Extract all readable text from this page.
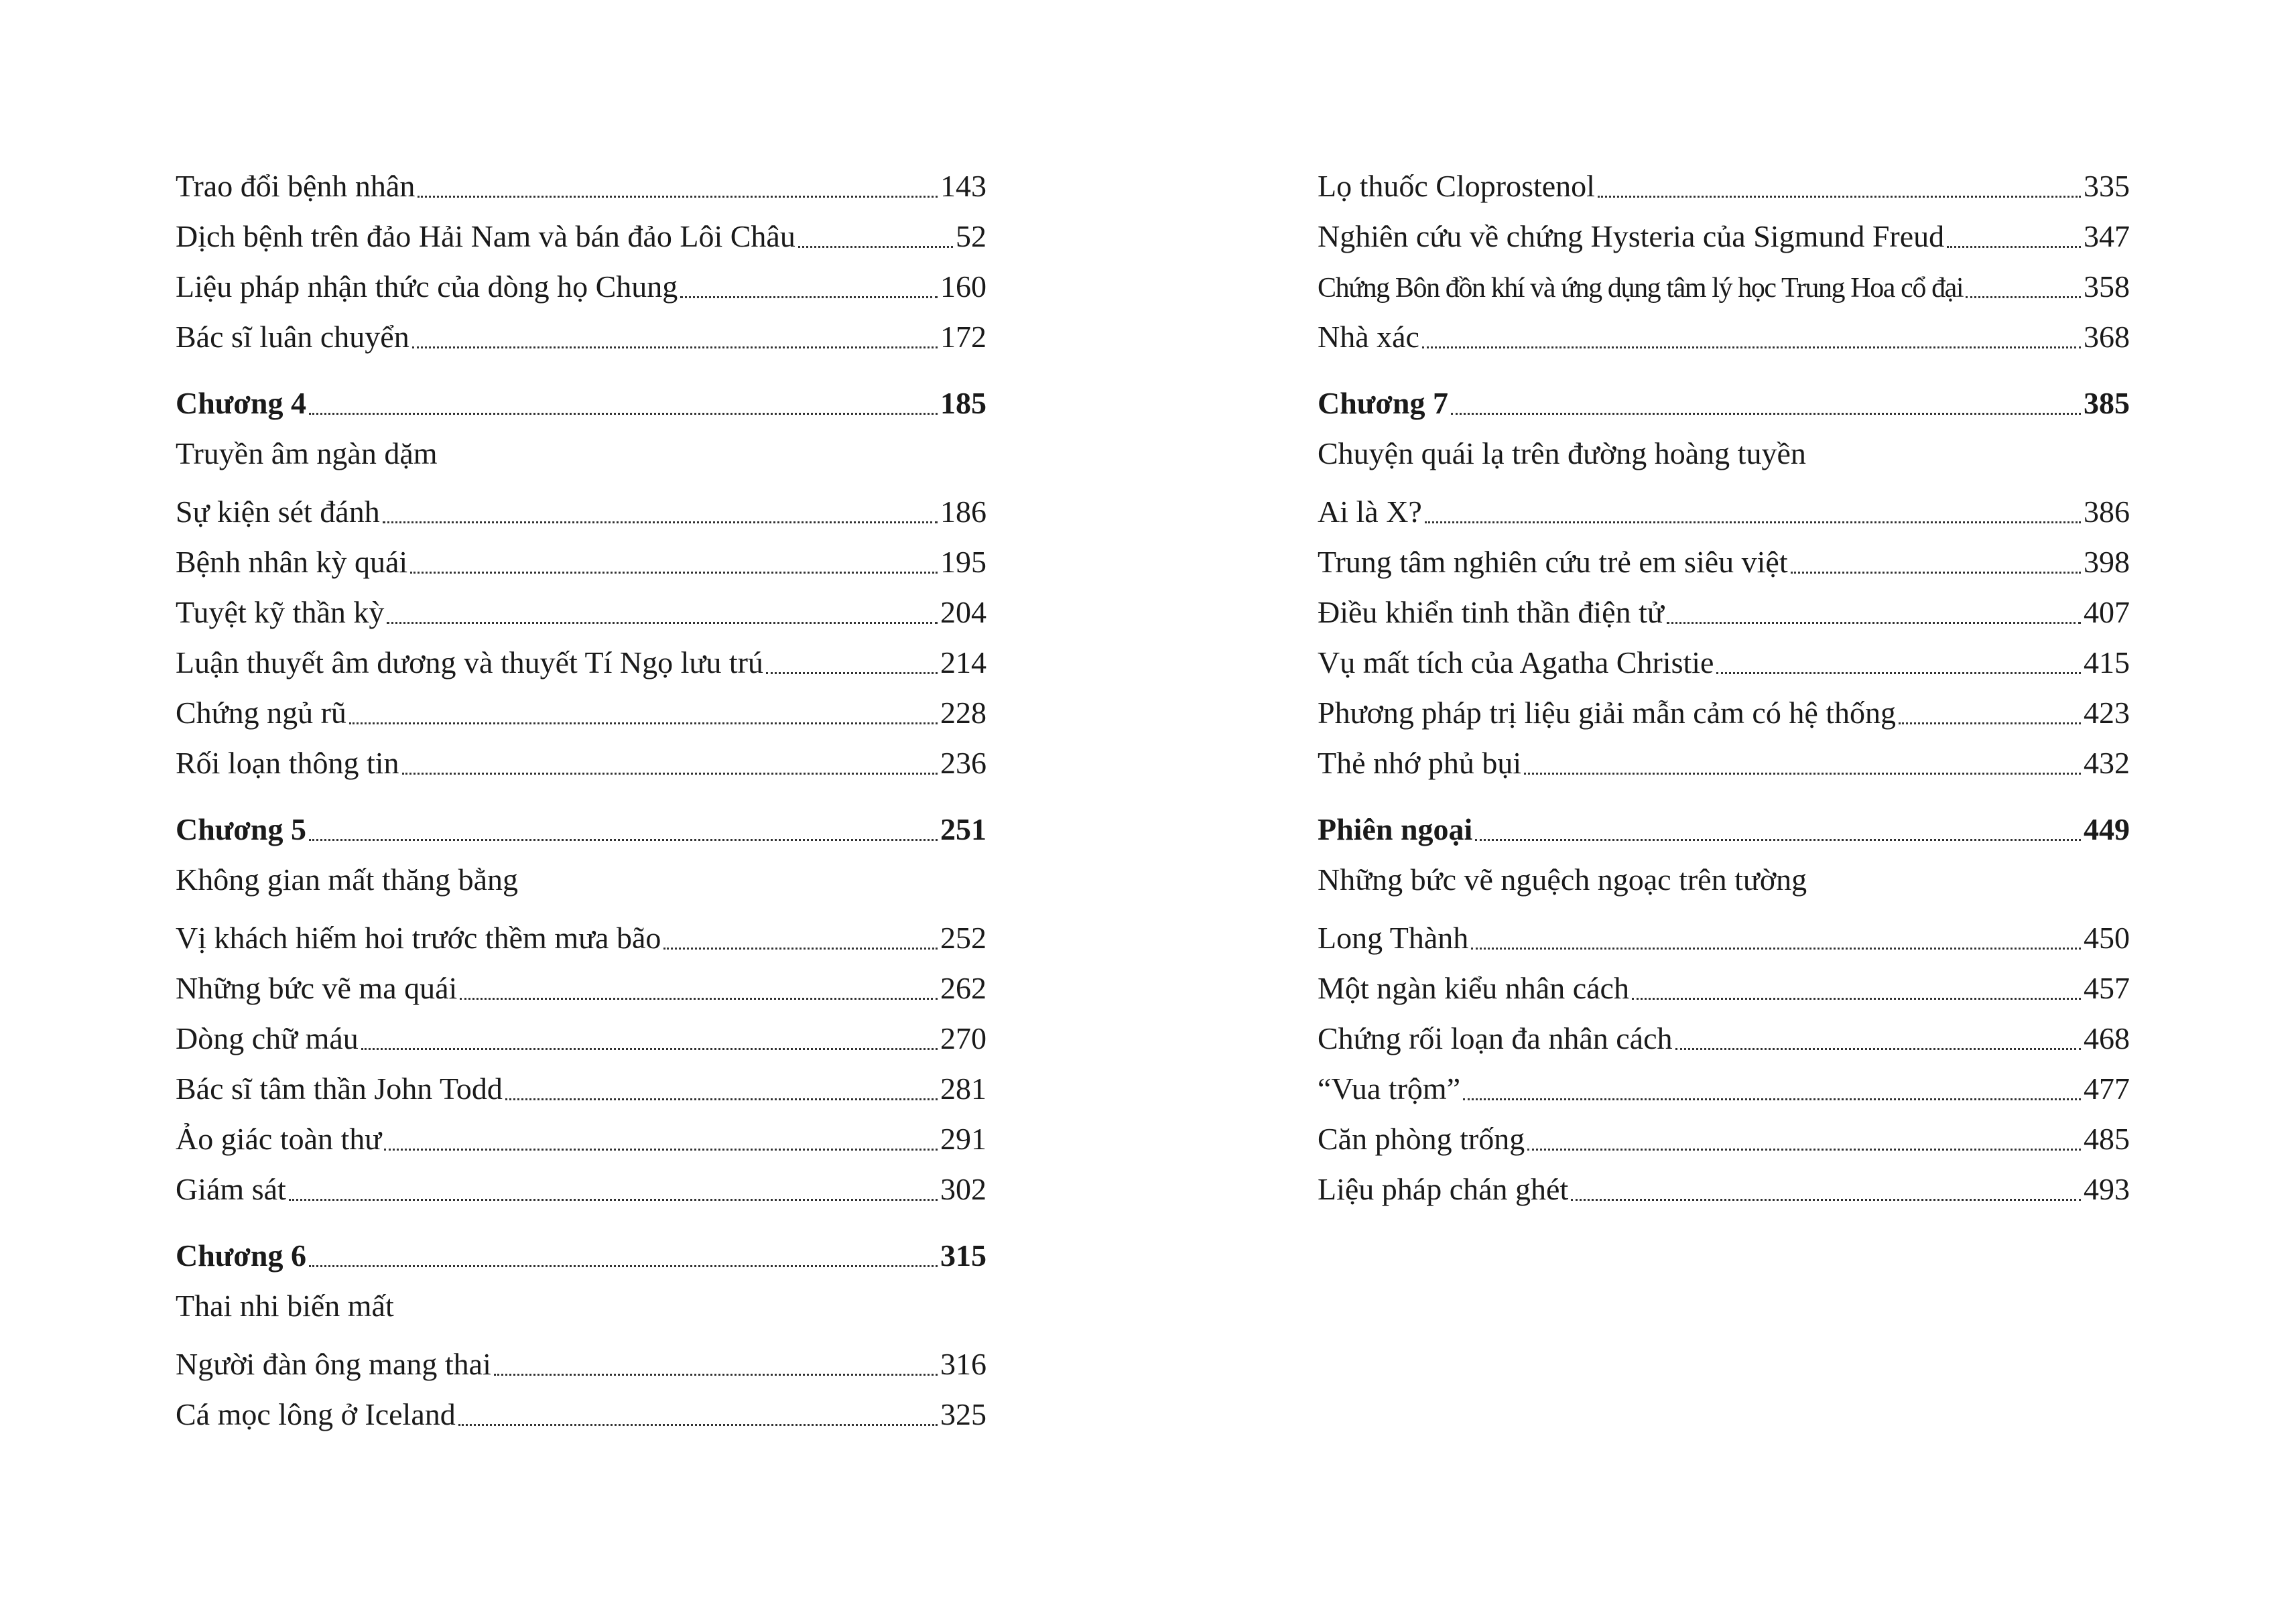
Trao đổi bệnh nhân	143
Dịch bệnh trên đảo Hải Nam và bán đảo Lôi Châu	52
Liệu pháp nhận thức của dòng họ Chung	160
Bác sĩ luân chuyển	172
Chương 4	185
Truyền âm ngàn dặm
Sự kiện sét đánh	186
Bệnh nhân kỳ quái	195
Tuyệt kỹ thần kỳ	204
Luận thuyết âm dương và thuyết Tí Ngọ lưu trú	214
Chứng ngủ rũ	228
Rối loạn thông tin	236
Chương 5	251
Không gian mất thăng bằng
Vị khách hiếm hoi trước thềm mưa bão	252
Những bức vẽ ma quái	262
Dòng chữ máu	270
Bác sĩ tâm thần John Todd	281
Ảo giác toàn thư	291
Giám sát	302
Chương 6	315
Thai nhi biến mất
Người đàn ông mang thai	316
Cá mọc lông ở Iceland	325
Lọ thuốc Cloprostenol	335
Nghiên cứu về chứng Hysteria của Sigmund Freud	347
Chứng Bôn đồn khí và ứng dụng tâm lý học Trung Hoa cổ đại	358
Nhà xác	368
Chương 7	385
Chuyện quái lạ trên đường hoàng tuyền
Ai là X?	386
Trung tâm nghiên cứu trẻ em siêu việt	398
Điều khiển tinh thần điện tử	407
Vụ mất tích của Agatha Christie	415
Phương pháp trị liệu giải mẫn cảm có hệ thống	423
Thẻ nhớ phủ bụi	432
Phiên ngoại	449
Những bức vẽ nguệch ngoạc trên tường
Long Thành	450
Một ngàn kiểu nhân cách	457
Chứng rối loạn đa nhân cách	468
“Vua trộm”	477
Căn phòng trống	485
Liệu pháp chán ghét	493
